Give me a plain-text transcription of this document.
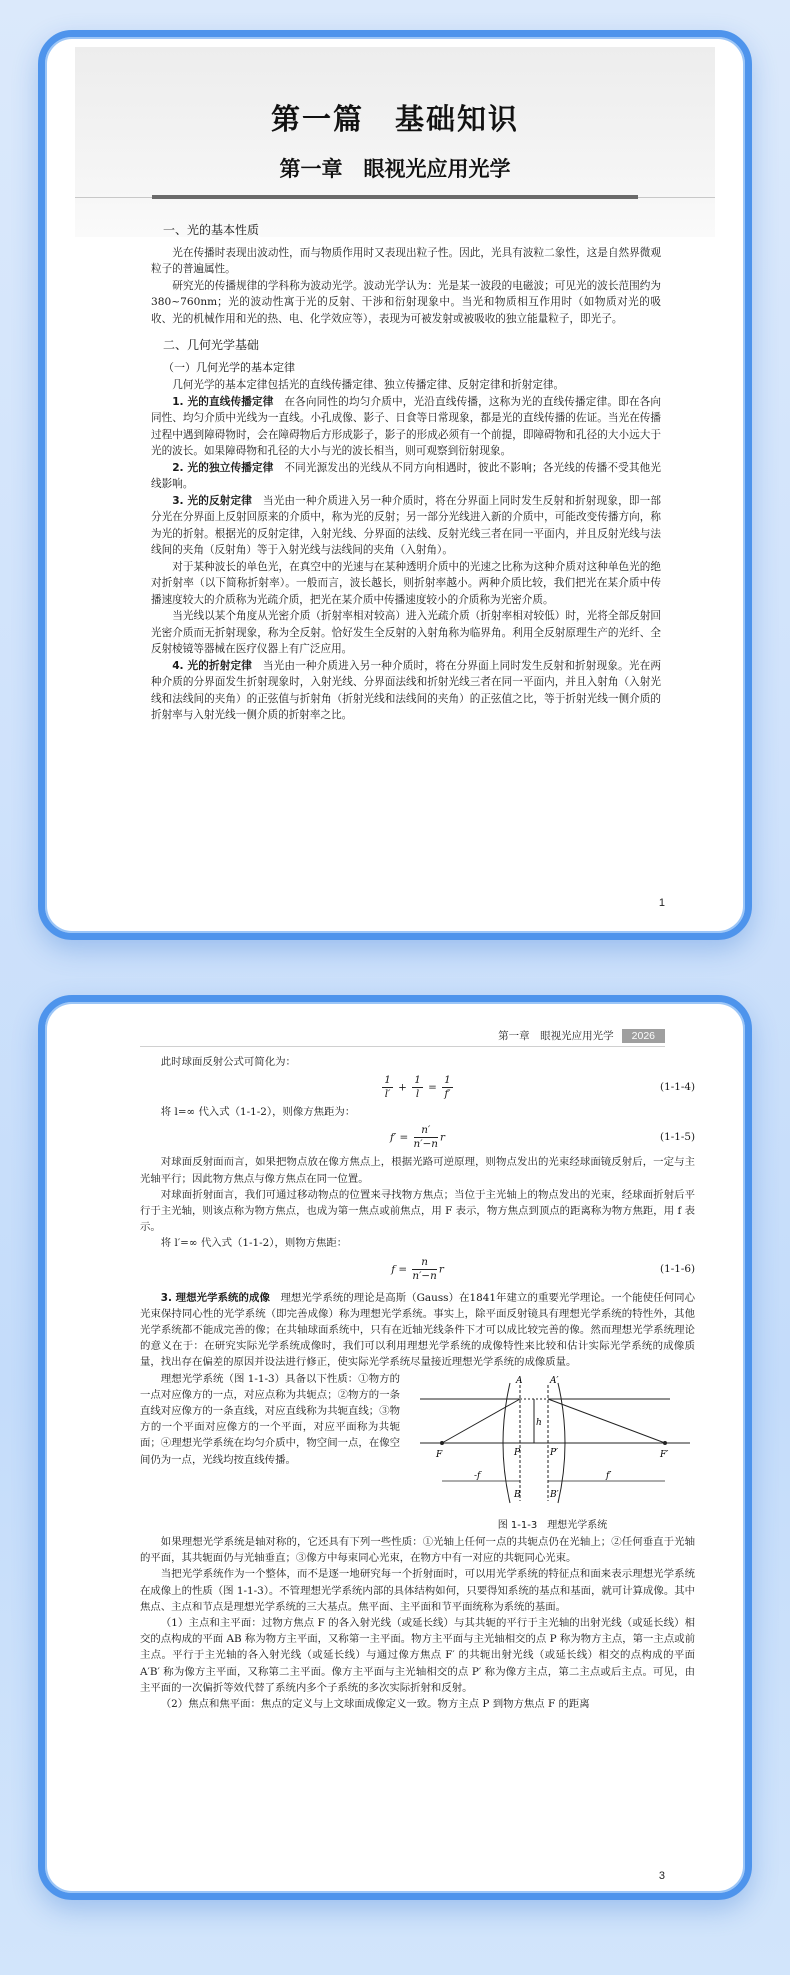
第一篇　基础知识
第一章　眼视光应用光学
一、光的基本性质

光在传播时表现出波动性，而与物质作用时又表现出粒子性。因此，光具有波粒二象性，这是自然界微观粒子的普遍属性。

研究光的传播规律的学科称为波动光学。波动光学认为：光是某一波段的电磁波；可见光的波长范围约为380~760nm；光的波动性寓于光的反射、干涉和衍射现象中。当光和物质相互作用时（如物质对光的吸收、光的机械作用和光的热、电、化学效应等），表现为可被发射或被吸收的独立能量粒子，即光子。

二、几何光学基础
（一）几何光学的基本定律

几何光学的基本定律包括光的直线传播定律、独立传播定律、反射定律和折射定律。

1. 光的直线传播定律　在各向同性的均匀介质中，光沿直线传播，这称为光的直线传播定律。即在各向同性、均匀介质中光线为一直线。小孔成像、影子、日食等日常现象，都是光的直线传播的佐证。当光在传播过程中遇到障碍物时，会在障碍物后方形成影子，影子的形成必须有一个前提，即障碍物和孔径的大小远大于光的波长。如果障碍物和孔径的大小与光的波长相当，则可观察到衍射现象。

2. 光的独立传播定律　不同光源发出的光线从不同方向相遇时，彼此不影响；各光线的传播不受其他光线影响。

3. 光的反射定律　当光由一种介质进入另一种介质时，将在分界面上同时发生反射和折射现象，即一部分光在分界面上反射回原来的介质中，称为光的反射；另一部分光线进入新的介质中，可能改变传播方向，称为光的折射。根据光的反射定律，入射光线、分界面的法线、反射光线三者在同一平面内，并且反射光线与法线间的夹角（反射角）等于入射光线与法线间的夹角（入射角）。

对于某种波长的单色光，在真空中的光速与在某种透明介质中的光速之比称为这种介质对这种单色光的绝对折射率（以下简称折射率）。一般而言，波长越长，则折射率越小。两种介质比较，我们把光在某介质中传播速度较大的介质称为光疏介质，把光在某介质中传播速度较小的介质称为光密介质。

当光线以某个角度从光密介质（折射率相对较高）进入光疏介质（折射率相对较低）时，光将全部反射回光密介质而无折射现象，称为全反射。恰好发生全反射的入射角称为临界角。利用全反射原理生产的光纤、全反射棱镜等器械在医疗仪器上有广泛应用。

4. 光的折射定律　当光由一种介质进入另一种介质时，将在分界面上同时发生反射和折射现象。光在两种介质的分界面发生折射现象时，入射光线、分界面法线和折射光线三者在同一平面内，并且入射角（入射光线和法线间的夹角）的正弦值与折射角（折射光线和法线间的夹角）的正弦值之比，等于折射光线一侧介质的折射率与入射光线一侧介质的折射率之比。

1
第一章　眼视光应用光学	2026

此时球面反射公式可简化为：

$\frac{1}{l'} + \frac{1}{l} = \frac{1}{f'}$	(1-1-4)

将 l=∞ 代入式（1-1-2），则像方焦距为：

$f' = \frac{n'}{n'-n}$ r	(1-1-5)

对球面反射面而言，如果把物点放在像方焦点上，根据光路可逆原理，则物点发出的光束经球面镜反射后，一定与主光轴平行；因此物方焦点与像方焦点在同一位置。

对球面折射面言，我们可通过移动物点的位置来寻找物方焦点；当位于主光轴上的物点发出的光束，经球面折射后平行于主光轴，则该点称为物方焦点，也成为第一焦点或前焦点，用 F 表示，物方焦点到顶点的距离称为物方焦距，用 f 表示。

将 l′=∞ 代入式（1-1-2），则物方焦距：

$f = \frac{n}{n'-n}$ r	(1-1-6)

3. 理想光学系统的成像　理想光学系统的理论是高斯（Gauss）在1841年建立的重要光学理论。一个能使任何同心光束保持同心性的光学系统（即完善成像）称为理想光学系统。事实上，除平面反射镜具有理想光学系统的特性外，其他光学系统都不能成完善的像；在共轴球面系统中，只有在近轴光线条件下才可以成比较完善的像。然而理想光学系统理论的意义在于：在研究实际光学系统成像时，我们可以利用理想光学系统的成像特性来比较和估计实际光学系统的成像质量，找出存在偏差的原因并设法进行修正，使实际光学系统尽量接近理想光学系统的成像质量。

理想光学系统（图 1-1-3）具备以下性质：①物方的一点对应像方的一点，对应点称为共轭点；②物方的一条直线对应像方的一条直线，对应直线称为共轭直线；③物方的一个平面对应像方的一个平面，对应平面称为共轭面；④理想光学系统在均匀介质中，物空间一点，在像空间仍为一点，光线均按直线传播。

A	A′
P	P′
F	F′
h
B	B′
-f	f′
图 1-1-3　理想光学系统

如果理想光学系统是轴对称的，它还具有下列一些性质：①光轴上任何一点的共轭点仍在光轴上；②任何垂直于光轴的平面，其共轭面仍与光轴垂直；③像方中每束同心光束，在物方中有一对应的共轭同心光束。

当把光学系统作为一个整体，而不是逐一地研究每一个折射面时，可以用光学系统的特征点和面来表示理想光学系统在成像上的性质（图 1-1-3）。不管理想光学系统内部的具体结构如何，只要得知系统的基点和基面，就可计算成像。其中焦点、主点和节点是理想光学系统的三大基点。焦平面、主平面和节平面统称为系统的基面。

（1）主点和主平面：过物方焦点 F 的各入射光线（或延长线）与其共轭的平行于主光轴的出射光线（或延长线）相交的点构成的平面 AB 称为物方主平面，又称第一主平面。物方主平面与主光轴相交的点 P 称为物方主点，第一主点或前主点。平行于主光轴的各入射光线（或延长线）与通过像方焦点 F′ 的共轭出射光线（或延长线）相交的点构成的平面 A′B′ 称为像方主平面，又称第二主平面。像方主平面与主光轴相交的点 P′ 称为像方主点，第二主点或后主点。可见，由主平面的一次偏折等效代替了系统内多个子系统的多次实际折射和反射。

（2）焦点和焦平面：焦点的定义与上文球面成像定义一致。物方主点 P 到物方焦点 F 的距离

3
